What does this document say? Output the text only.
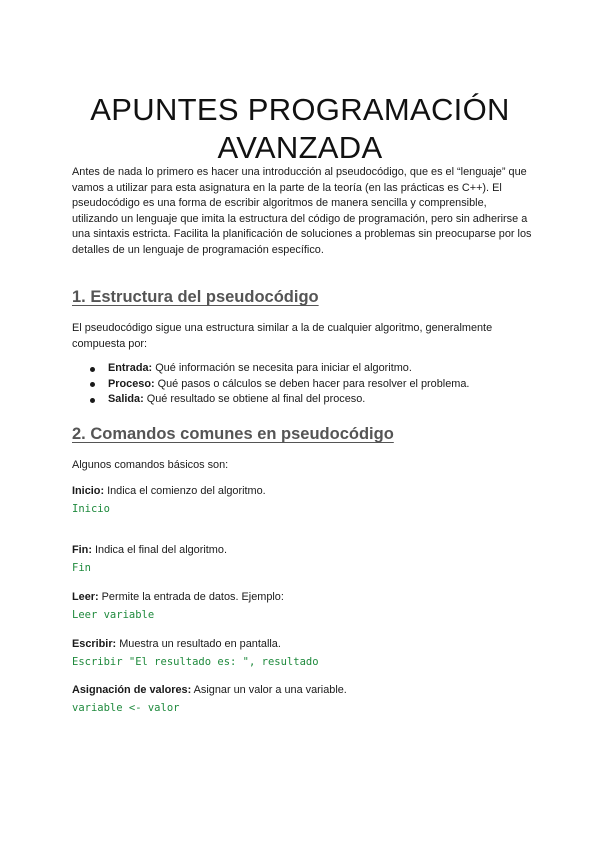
APUNTES PROGRAMACIÓN
AVANZADA

Antes de nada lo primero es hacer una introducción al pseudocódigo, que es el “lenguaje” que vamos a utilizar para esta asignatura en la parte de la teoría (en las prácticas es C++). El pseudocódigo es una forma de escribir algoritmos de manera sencilla y comprensible, utilizando un lenguaje que imita la estructura del código de programación, pero sin adherirse a una sintaxis estricta. Facilita la planificación de soluciones a problemas sin preocuparse por los detalles de un lenguaje de programación específico.

1. Estructura del pseudocódigo

El pseudocódigo sigue una estructura similar a la de cualquier algoritmo, generalmente compuesta por:

Entrada: Qué información se necesita para iniciar el algoritmo.
Proceso: Qué pasos o cálculos se deben hacer para resolver el problema.
Salida: Qué resultado se obtiene al final del proceso.
2. Comandos comunes en pseudocódigo

Algunos comandos básicos son:

Inicio: Indica el comienzo del algoritmo.

Inicio

Fin: Indica el final del algoritmo.

Fin

Leer: Permite la entrada de datos. Ejemplo:

Leer variable

Escribir: Muestra un resultado en pantalla.

Escribir "El resultado es: ", resultado

Asignación de valores: Asignar un valor a una variable.

variable <- valor
